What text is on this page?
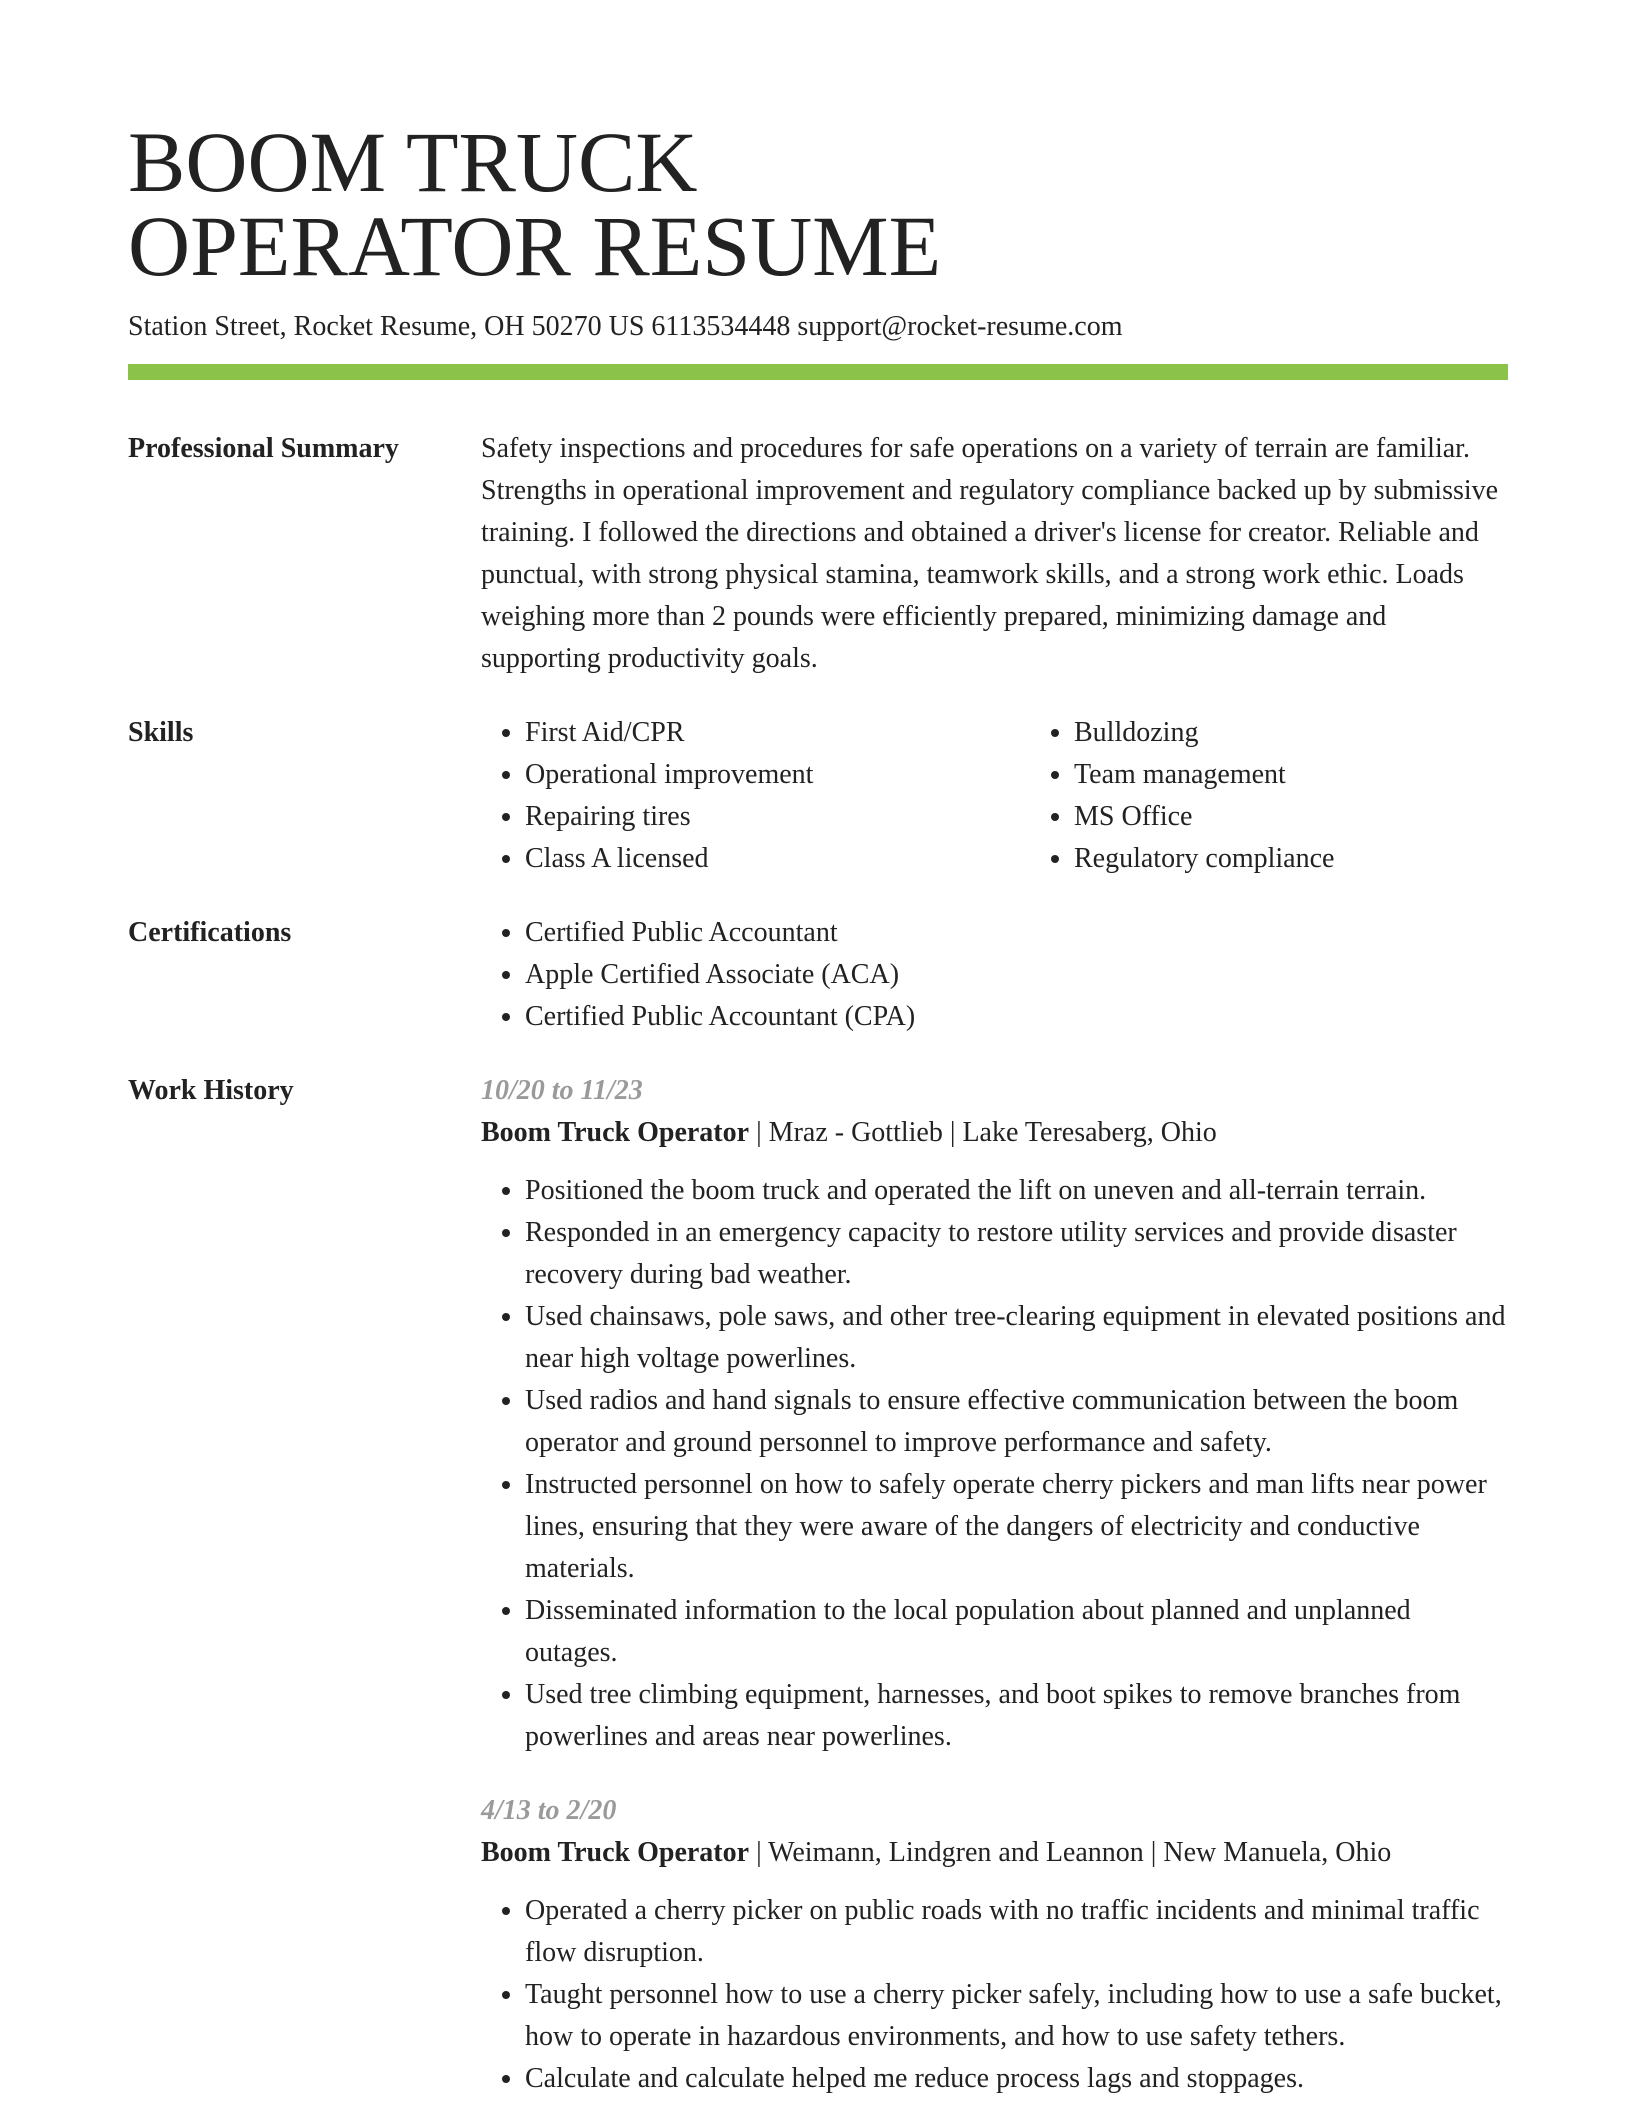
BOOM TRUCK
OPERATOR RESUME
Station Street, Rocket Resume, OH 50270 US 6113534448 support@rocket-resume.com
Professional Summary	Safety inspections and procedures for safe operations on a variety of terrain are familiar. Strengths in operational improvement and regulatory compliance backed up by submissive training. I followed the directions and obtained a driver's license for creator. Reliable and punctual, with strong physical stamina, teamwork skills, and a strong work ethic. Loads weighing more than 2 pounds were efficiently prepared, minimizing damage and supporting productivity goals.

Skills	• First Aid/CPR
• Operational improvement
• Repairing tires
• Class A licensed
• Bulldozing
• Team management
• MS Office
• Regulatory compliance
Certifications	• Certified Public Accountant
• Apple Certified Associate (ACA)
• Certified Public Accountant (CPA)
Work History	10/20 to 11/23
Boom Truck Operator | Mraz - Gottlieb | Lake Teresaberg, Ohio
• Positioned the boom truck and operated the lift on uneven and all-terrain terrain.
• Responded in an emergency capacity to restore utility services and provide disaster recovery during bad weather.
• Used chainsaws, pole saws, and other tree-clearing equipment in elevated positions and near high voltage powerlines.
• Used radios and hand signals to ensure effective communication between the boom operator and ground personnel to improve performance and safety.
• Instructed personnel on how to safely operate cherry pickers and man lifts near power lines, ensuring that they were aware of the dangers of electricity and conductive materials.
• Disseminated information to the local population about planned and unplanned outages.
• Used tree climbing equipment, harnesses, and boot spikes to remove branches from powerlines and areas near powerlines.
4/13 to 2/20
Boom Truck Operator | Weimann, Lindgren and Leannon | New Manuela, Ohio
• Operated a cherry picker on public roads with no traffic incidents and minimal traffic flow disruption.
• Taught personnel how to use a cherry picker safely, including how to use a safe bucket, how to operate in hazardous environments, and how to use safety tethers.
• Calculate and calculate helped me reduce process lags and stoppages.
